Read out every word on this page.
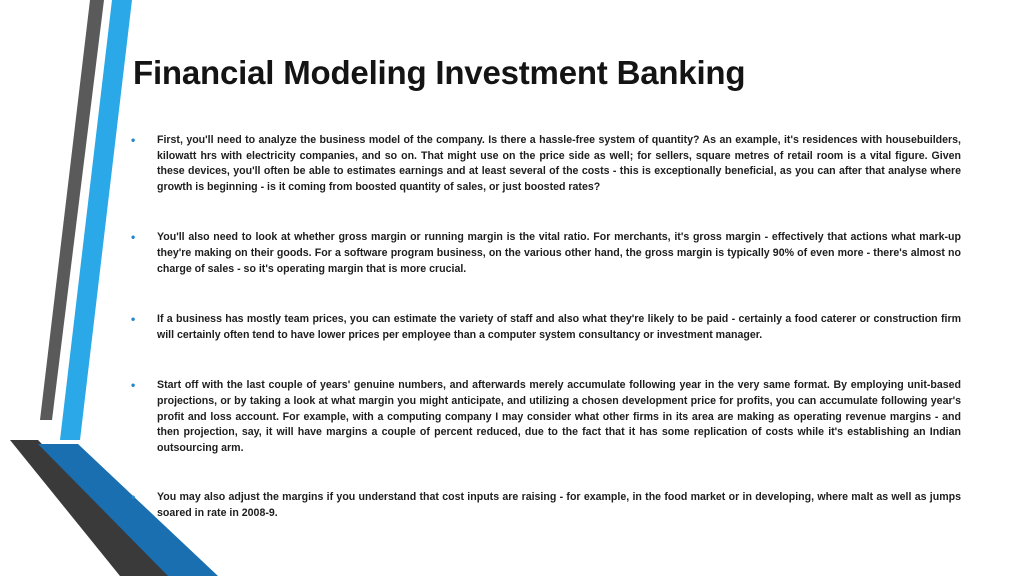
Financial Modeling Investment Banking
• First, you'll need to analyze the business model of the company. Is there a hassle-free system of quantity? As an example, it's residences with housebuilders, kilowatt hrs with electricity companies, and so on. That might use on the price side as well; for sellers, square metres of retail room is a vital figure. Given these devices, you'll often be able to estimates earnings and at least several of the costs - this is exceptionally beneficial, as you can after that analyse where growth is beginning - is it coming from boosted quantity of sales, or just boosted rates?
• You'll also need to look at whether gross margin or running margin is the vital ratio. For merchants, it's gross margin - effectively that actions what mark-up they're making on their goods. For a software program business, on the various other hand, the gross margin is typically 90% of even more - there's almost no charge of sales - so it's operating margin that is more crucial.
• If a business has mostly team prices, you can estimate the variety of staff and also what they're likely to be paid - certainly a food caterer or construction firm will certainly often tend to have lower prices per employee than a computer system consultancy or investment manager.
• Start off with the last couple of years' genuine numbers, and afterwards merely accumulate following year in the very same format. By employing unit-based projections, or by taking a look at what margin you might anticipate, and utilizing a chosen development price for profits, you can accumulate following year's profit and loss account. For example, with a computing company I may consider what other firms in its area are making as operating revenue margins - and then projection, say, it will have margins a couple of percent reduced, due to the fact that it has some replication of costs while it's establishing an Indian outsourcing arm.
• You may also adjust the margins if you understand that cost inputs are raising - for example, in the food market or in developing, where malt as well as jumps soared in rate in 2008-9.
